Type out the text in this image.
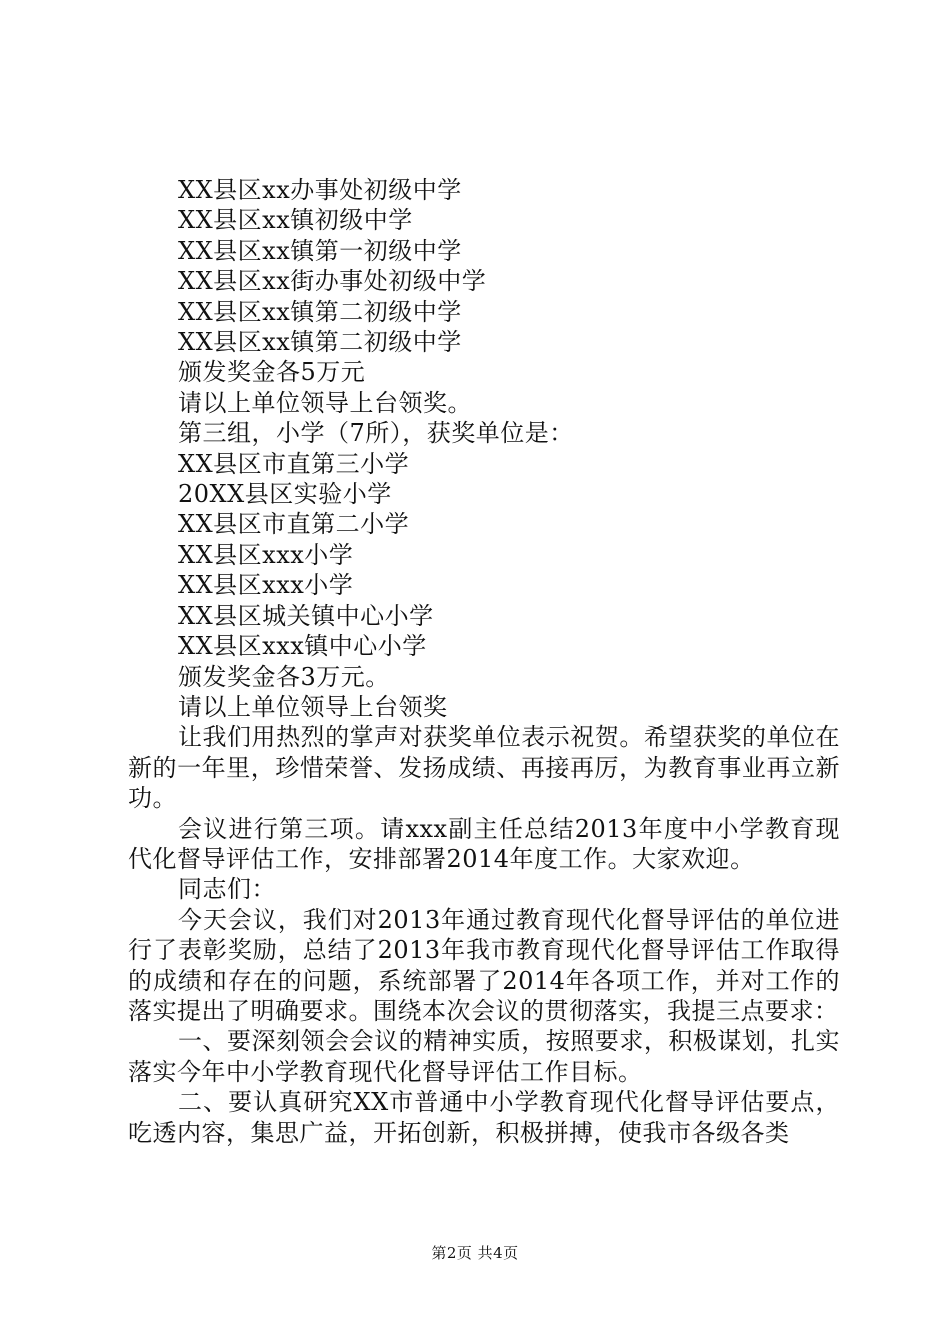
XX县区xx办事处初级中学

XX县区xx镇初级中学

XX县区xx镇第一初级中学

XX县区xx街办事处初级中学

XX县区xx镇第二初级中学

XX县区xx镇第二初级中学

颁发奖金各5万元

请以上单位领导上台领奖。

第三组，小学（7所），获奖单位是：

XX县区市直第三小学

20XX县区实验小学

XX县区市直第二小学

XX县区xxx小学

XX县区xxx小学

XX县区城关镇中心小学

XX县区xxx镇中心小学

颁发奖金各3万元。

请以上单位领导上台领奖

让我们用热烈的掌声对获奖单位表示祝贺。希望获奖的单位在新的一年里，珍惜荣誉、发扬成绩、再接再厉，为教育事业再立新功。

会议进行第三项。请xxx副主任总结2013年度中小学教育现代化督导评估工作，安排部署2014年度工作。大家欢迎。

同志们：

今天会议，我们对2013年通过教育现代化督导评估的单位进行了表彰奖励，总结了2013年我市教育现代化督导评估工作取得的成绩和存在的问题，系统部署了2014年各项工作，并对工作的落实提出了明确要求。围绕本次会议的贯彻落实，我提三点要求：

一、要深刻领会会议的精神实质，按照要求，积极谋划，扎实落实今年中小学教育现代化督导评估工作目标。

二、要认真研究XX市普通中小学教育现代化督导评估要点，吃透内容，集思广益，开拓创新，积极拼搏，使我市各级各类

第2页 共4页
